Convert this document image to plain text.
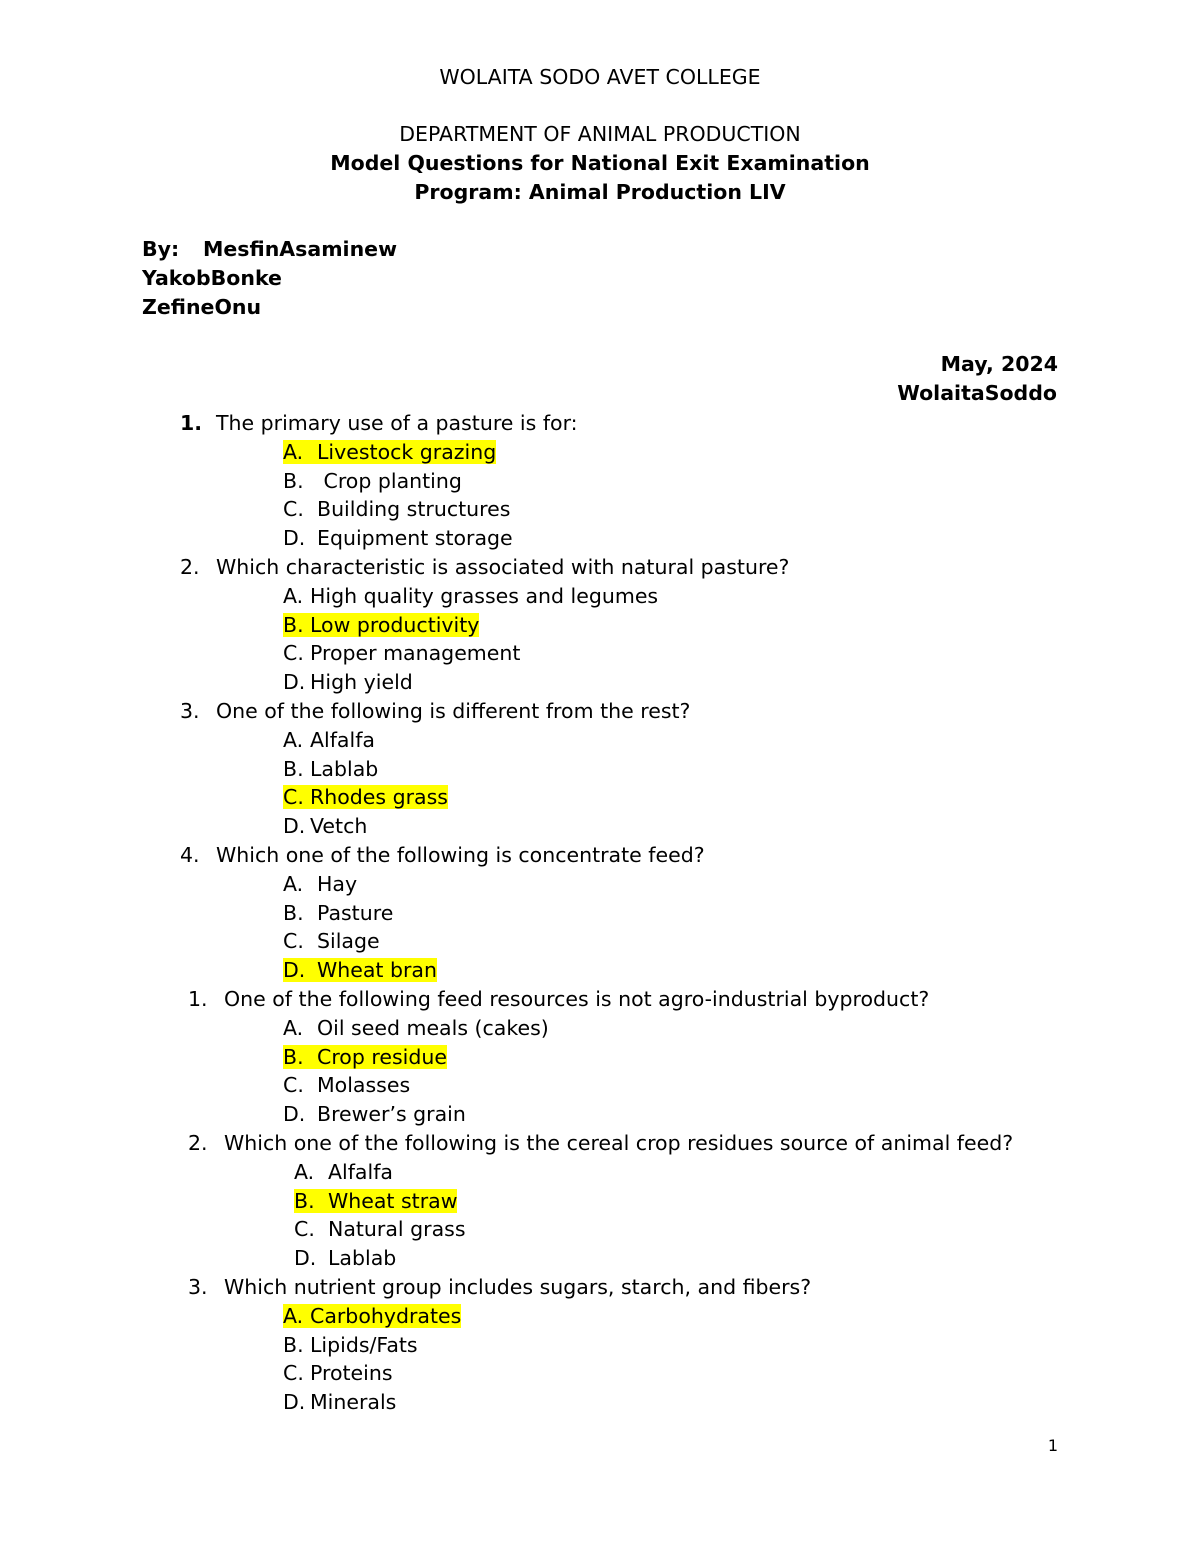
WOLAITA SODO AVET COLLEGE
DEPARTMENT OF ANIMAL PRODUCTION
Model Questions for National Exit Examination
Program: Animal Production LIV
By: MesfinAsaminew
YakobBonke
ZefineOnu
May, 2024
WolaitaSoddo
1. The primary use of a pasture is for:
A. Livestock grazing
B. Crop planting
C. Building structures
D. Equipment storage
2. Which characteristic is associated with natural pasture?
A. High quality grasses and legumes
B. Low productivity
C. Proper management
D. High yield
3. One of the following is different from the rest?
A. Alfalfa
B. Lablab
C. Rhodes grass
D. Vetch
4. Which one of the following is concentrate feed?
A. Hay
B. Pasture
C. Silage
D. Wheat bran
1. One of the following feed resources is not agro-industrial byproduct?
A. Oil seed meals (cakes)
B. Crop residue
C. Molasses
D. Brewer’s grain
2. Which one of the following is the cereal crop residues source of animal feed?
A. Alfalfa
B. Wheat straw
C. Natural grass
D. Lablab
3. Which nutrient group includes sugars, starch, and fibers?
A. Carbohydrates
B. Lipids/Fats
C. Proteins
D. Minerals
1
